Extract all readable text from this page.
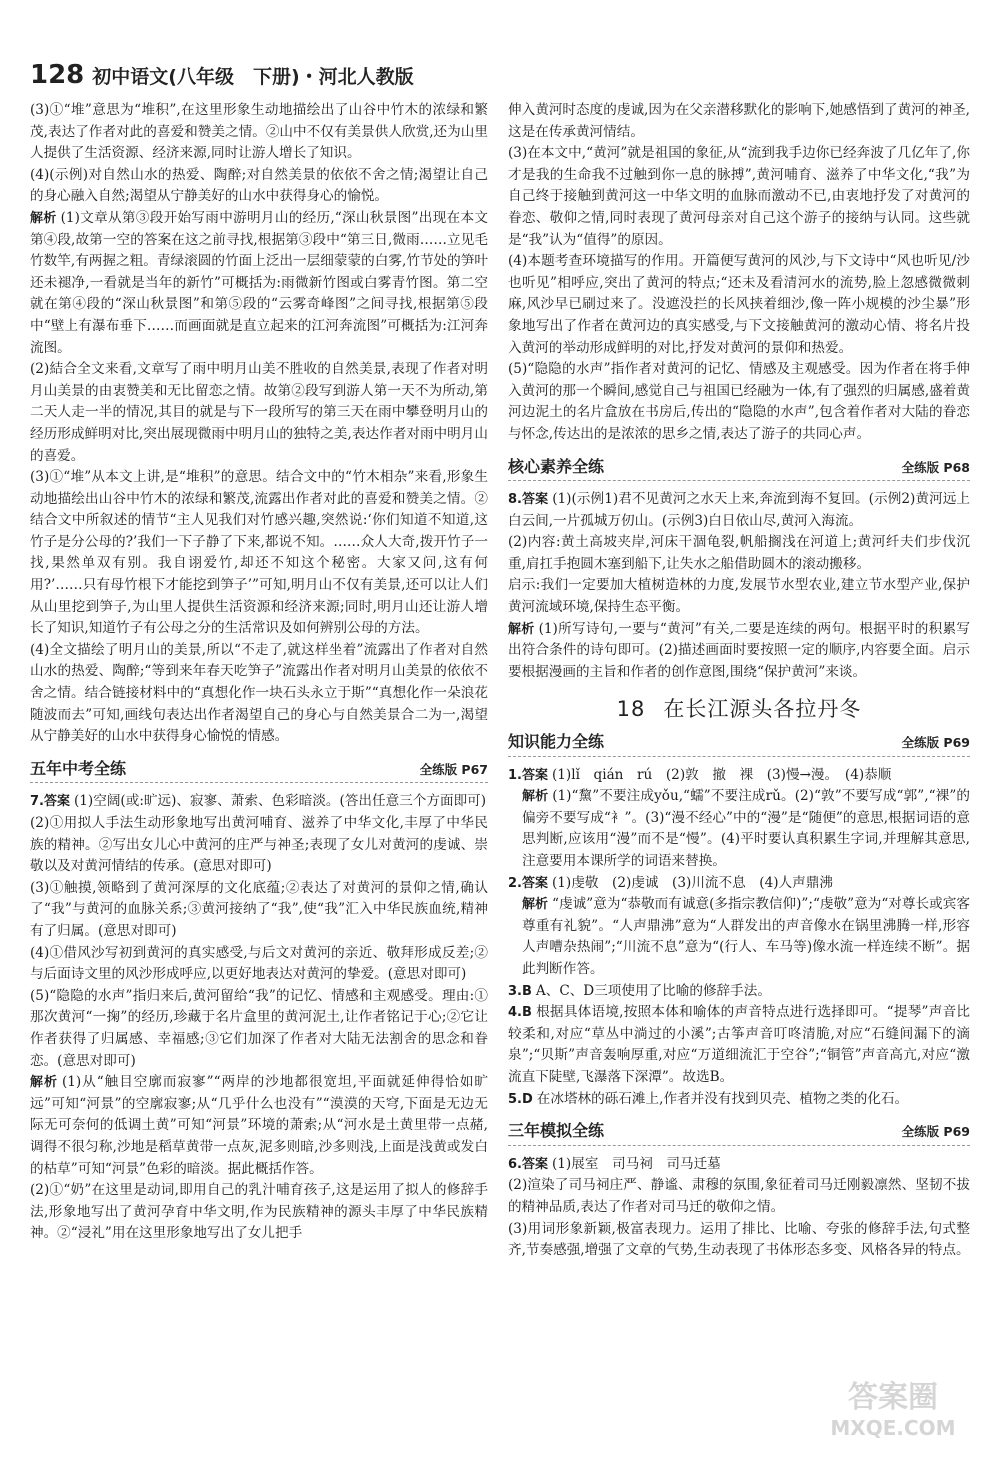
128 初中语文(八年级　下册)・河北人教版

(3)①“堆”意思为“堆积”,在这里形象生动地描绘出了山谷中竹木的浓绿和繁茂,表达了作者对此的喜爱和赞美之情。②山中不仅有美景供人欣赏,还为山里人提供了生活资源、经济来源,同时让游人增长了知识。

(4)(示例)对自然山水的热爱、陶醉;对自然美景的依依不舍之情;渴望让自己的身心融入自然;渴望从宁静美好的山水中获得身心的愉悦。

解析 (1)文章从第③段开始写雨中游明月山的经历,“深山秋景图”出现在本文第④段,故第一空的答案在这之前寻找,根据第③段中“第三日,微雨……立见毛竹数竿,有两握之粗。青绿滚圆的竹面上泛出一层细蒙蒙的白雾,竹节处的笋叶还未褪净,一看就是当年的新竹”可概括为:雨微新竹图或白雾青竹图。第二空就在第④段的“深山秋景图”和第⑤段的“云雾奇峰图”之间寻找,根据第⑤段中“壁上有瀑布垂下……而画面就是直立起来的江河奔流图”可概括为:江河奔流图。

(2)結合全文来看,文章写了雨中明月山美不胜收的自然美景,表现了作者对明月山美景的由衷赞美和无比留恋之情。故第②段写到游人第一天不为所动,第二天人走一半的情况,其目的就是与下一段所写的第三天在雨中攀登明月山的经历形成鲜明对比,突出展现微雨中明月山的独特之美,表达作者对雨中明月山的喜爱。

(3)①“堆”从本文上讲,是“堆积”的意思。结合文中的“竹木相杂”来看,形象生动地描绘出山谷中竹木的浓绿和繁茂,流露出作者对此的喜爱和赞美之情。②结合文中所叙述的情节“主人见我们对竹感兴趣,突然说:‘你们知道不知道,这竹子是分公母的?’我们一下子静了下来,都说不知。……众人大奇,拨开竹子一找,果然单双有别。我自诩爱竹,却还不知这个秘密。大家又问,这有何用?’……只有母竹根下才能挖到笋子’”可知,明月山不仅有美景,还可以让人们从山里挖到笋子,为山里人提供生活资源和经济来源;同时,明月山还让游人增长了知识,知道竹子有公母之分的生活常识及如何辨别公母的方法。

(4)全文描绘了明月山的美景,所以“不走了,就这样坐着”流露出了作者对自然山水的热爱、陶醉;“等到来年春天吃笋子”流露出作者对明月山美景的依依不舍之情。结合链接材料中的“真想化作一块石头永立于斯”“真想化作一朵浪花随波而去”可知,画线句表达出作者渴望自己的身心与自然美景合二为一,渴望从宁静美好的山水中获得身心愉悦的情感。

五年中考全练	全练版 P67

7.答案 (1)空阔(或:旷远)、寂寥、萧索、色彩暗淡。(答出任意三个方面即可)

(2)①用拟人手法生动形象地写出黄河哺育、滋养了中华文化,丰厚了中华民族的精神。②写出女儿心中黄河的庄严与神圣;表现了女儿对黄河的虔诚、崇敬以及对黄河情结的传承。(意思对即可)

(3)①触摸,领略到了黄河深厚的文化底蕴;②表达了对黄河的景仰之情,确认了“我”与黄河的血脉关系;③黄河接纳了“我”,使“我”汇入中华民族血统,精神有了归属。(意思对即可)

(4)①借风沙写初到黄河的真实感受,与后文对黄河的亲近、敬拜形成反差;②与后面诗文里的风沙形成呼应,以更好地表达对黄河的挚爱。(意思对即可)

(5)“隐隐的水声”指归来后,黄河留给“我”的记忆、情感和主观感受。理由:①那次黄河“一掬”的经历,珍藏于名片盒里的黄河泥土,让作者铭记于心;②它让作者获得了归属感、幸福感;③它们加深了作者对大陆无法割舍的思念和眷恋。(意思对即可)

解析 (1)从“触目空廓而寂寥”“两岸的沙地都很宽坦,平面就延伸得恰如旷远”可知“河景”的空廓寂寥;从“几乎什么也没有”“漠漠的天穹,下面是无边无际无可奈何的低调土黄”可知“河景”环境的萧索;从“河水是土黄里带一点赭,调得不很匀称,沙地是稻草黄带一点灰,泥多则暗,沙多则浅,上面是浅黄或发白的枯草”可知“河景”色彩的暗淡。据此概括作答。

(2)①“奶”在这里是动词,即用自己的乳汁哺育孩子,这是运用了拟人的修辞手法,形象地写出了黄河孕育中华文明,作为民族精神的源头丰厚了中华民族精神。②“浸礼”用在这里形象地写出了女儿把手

伸入黄河时态度的虔诚,因为在父亲潜移默化的影响下,她感悟到了黄河的神圣,这是在传承黄河情结。

(3)在本文中,“黄河”就是祖国的象征,从“流到我手边你已经奔波了几亿年了,你才是我的生命我不过触到你一息的脉搏”,黄河哺育、滋养了中华文化,“我”为自己终于接触到黄河这一中华文明的血脉而激动不已,由衷地抒发了对黄河的眷恋、敬仰之情,同时表现了黄河母亲对自己这个游子的接纳与认同。这些就是“我”认为“值得”的原因。

(4)本题考查环境描写的作用。开篇便写黄河的风沙,与下文诗中“风也听见/沙也听见”相呼应,突出了黄河的特点;“还未及看清河水的流势,脸上忽感微微刺麻,风沙早已刷过来了。没遮没拦的长风挟着细沙,像一阵小规模的沙尘暴”形象地写出了作者在黄河边的真实感受,与下文接触黄河的激动心情、将名片投入黄河的举动形成鲜明的对比,抒发对黄河的景仰和热爱。

(5)“隐隐的水声”指作者对黄河的记忆、情感及主观感受。因为作者在将手伸入黄河的那一个瞬间,感觉自己与祖国已经融为一体,有了强烈的归属感,盛着黄河边泥土的名片盒放在书房后,传出的“隐隐的水声”,包含着作者对大陆的眷恋与怀念,传达出的是浓浓的思乡之情,表达了游子的共同心声。

核心素养全练	全练版 P68

8.答案 (1)(示例1)君不见黄河之水天上来,奔流到海不复回。(示例2)黄河远上白云间,一片孤城万仞山。(示例3)白日依山尽,黄河入海流。

(2)内容:黄土高坡夹岸,河床干涸龟裂,帆船搁浅在河道上;黄河纤夫们步伐沉重,肩扛手抱圆木塞到船下,让失水之船借助圆木的滚动搬移。

启示:我们一定要加大植树造林的力度,发展节水型农业,建立节水型产业,保护黄河流域环境,保持生态平衡。

解析 (1)所写诗句,一要与“黄河”有关,二要是连续的两句。根据平时的积累写出符合条件的诗句即可。(2)描述画面时要按照一定的顺序,内容要全面。启示要根据漫画的主旨和作者的创作意图,围绕“保护黄河”来谈。

18 在长江源头各拉丹冬
知识能力全练	全练版 P69

1.答案 (1)lǐ　qián　rú　(2)敦　撤　裸　(3)慢→漫。　(4)恭顺

解析 (1)“黧”不要注成yǒu,“蠕”不要注成rǔ。(2)“敦”不要写成“郭”,“裸”的偏旁不要写成“衤”。(3)“漫不经心”中的“漫”是“随便”的意思,根据词语的意思判断,应该用“漫”而不是“慢”。(4)平时要认真积累生字词,并理解其意思,注意要用本课所学的词语来替换。

2.答案 (1)虔敬　(2)虔诚　(3)川流不息　(4)人声鼎沸

解析 “虔诚”意为“恭敬而有诚意(多指宗教信仰)”;“虔敬”意为“对尊长或宾客尊重有礼貌”。“人声鼎沸”意为“人群发出的声音像水在锅里沸腾一样,形容人声嘈杂热闹”;“川流不息”意为“(行人、车马等)像水流一样连续不断”。据此判断作答。

3.B A、C、D三项使用了比喻的修辞手法。

4.B 根据具体语境,按照本体和喻体的声音特点进行选择即可。“提琴”声音比较柔和,对应“草丛中淌过的小溪”;古筝声音叮咚清脆,对应“石缝间漏下的滴泉”;“贝斯”声音轰响厚重,对应“万道细流汇于空谷”;“铜管”声音高亢,对应“激流直下陡壁,飞瀑落下深潭”。故选B。

5.D 在冰塔林的砾石滩上,作者并没有找到贝壳、植物之类的化石。

三年模拟全练	全练版 P69

6.答案 (1)展室　司马祠　司马迁墓

(2)渲染了司马祠庄严、静谧、肃穆的氛围,象征着司马迁刚毅凛然、坚韧不拔的精神品质,表达了作者对司马迁的敬仰之情。

(3)用词形象新颖,极富表现力。运用了排比、比喻、夸张的修辞手法,句式整齐,节奏感强,增强了文章的气势,生动表现了书体形态多变、风格各异的特点。

答案圈
MXQE.COM
